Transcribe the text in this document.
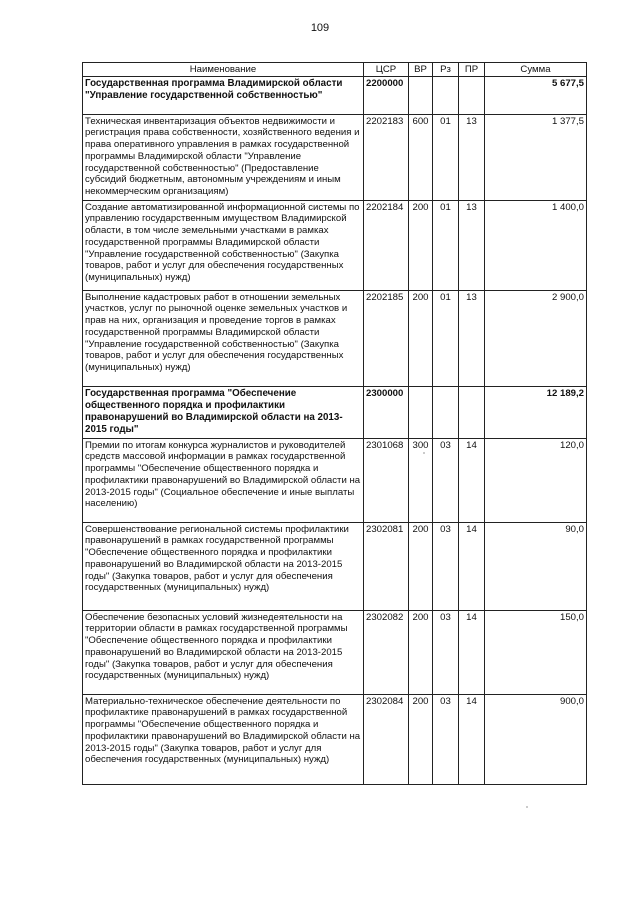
109
Наименование	ЦСР	ВР	Рз	ПР	Сумма
Государственная программа Владимирской области "Управление государственной собственностью"	2200000				5 677,5
Техническая инвентаризация объектов недвижимости и регистрация права собственности, хозяйственного ведения и права оперативного управления в рамках государственной программы Владимирской области "Управление государственной собственностью" (Предоставление субсидий бюджетным, автономным учреждениям и иным некоммерческим организациям)	2202183	600	01	13	1 377,5
Создание автоматизированной информационной системы по управлению государственным имуществом Владимирской области, в том числе земельными участками в рамках государственной программы Владимирской области "Управление государственной собственностью" (Закупка товаров, работ и услуг для обеспечения государственных (муниципальных) нужд)	2202184	200	01	13	1 400,0
Выполнение кадастровых работ в отношении земельных участков, услуг по рыночной оценке земельных участков и прав на них, организация и проведение торгов в рамках государственной программы Владимирской области "Управление государственной собственностью" (Закупка товаров, работ и услуг для обеспечения государственных (муниципальных) нужд)	2202185	200	01	13	2 900,0
Государственная программа "Обеспечение общественного порядка и профилактики правонарушений во Владимирской области на 2013-2015 годы"	2300000				12 189,2
Премии по итогам конкурса журналистов и руководителей средств массовой информации в рамках государственной программы "Обеспечение общественного порядка и профилактики правонарушений во Владимирской области на 2013-2015 годы" (Социальное обеспечение и иные выплаты населению)	2301068	300	03	14	120,0
Совершенствование региональной системы профилактики правонарушений в рамках государственной программы "Обеспечение общественного порядка и профилактики правонарушений во Владимирской области на 2013-2015 годы" (Закупка товаров, работ и услуг для обеспечения государственных (муниципальных) нужд)	2302081	200	03	14	90,0
Обеспечение безопасных условий жизнедеятельности на территории области в рамках государственной программы "Обеспечение общественного порядка и профилактики правонарушений во Владимирской области на 2013-2015 годы" (Закупка товаров, работ и услуг для обеспечения государственных (муниципальных) нужд)	2302082	200	03	14	150,0
Материально-техническое обеспечение деятельности по профилактике правонарушений в рамках государственной программы "Обеспечение общественного порядка и профилактики правонарушений во Владимирской области на 2013-2015 годы" (Закупка товаров, работ и услуг для обеспечения государственных (муниципальных) нужд)	2302084	200	03	14	900,0
